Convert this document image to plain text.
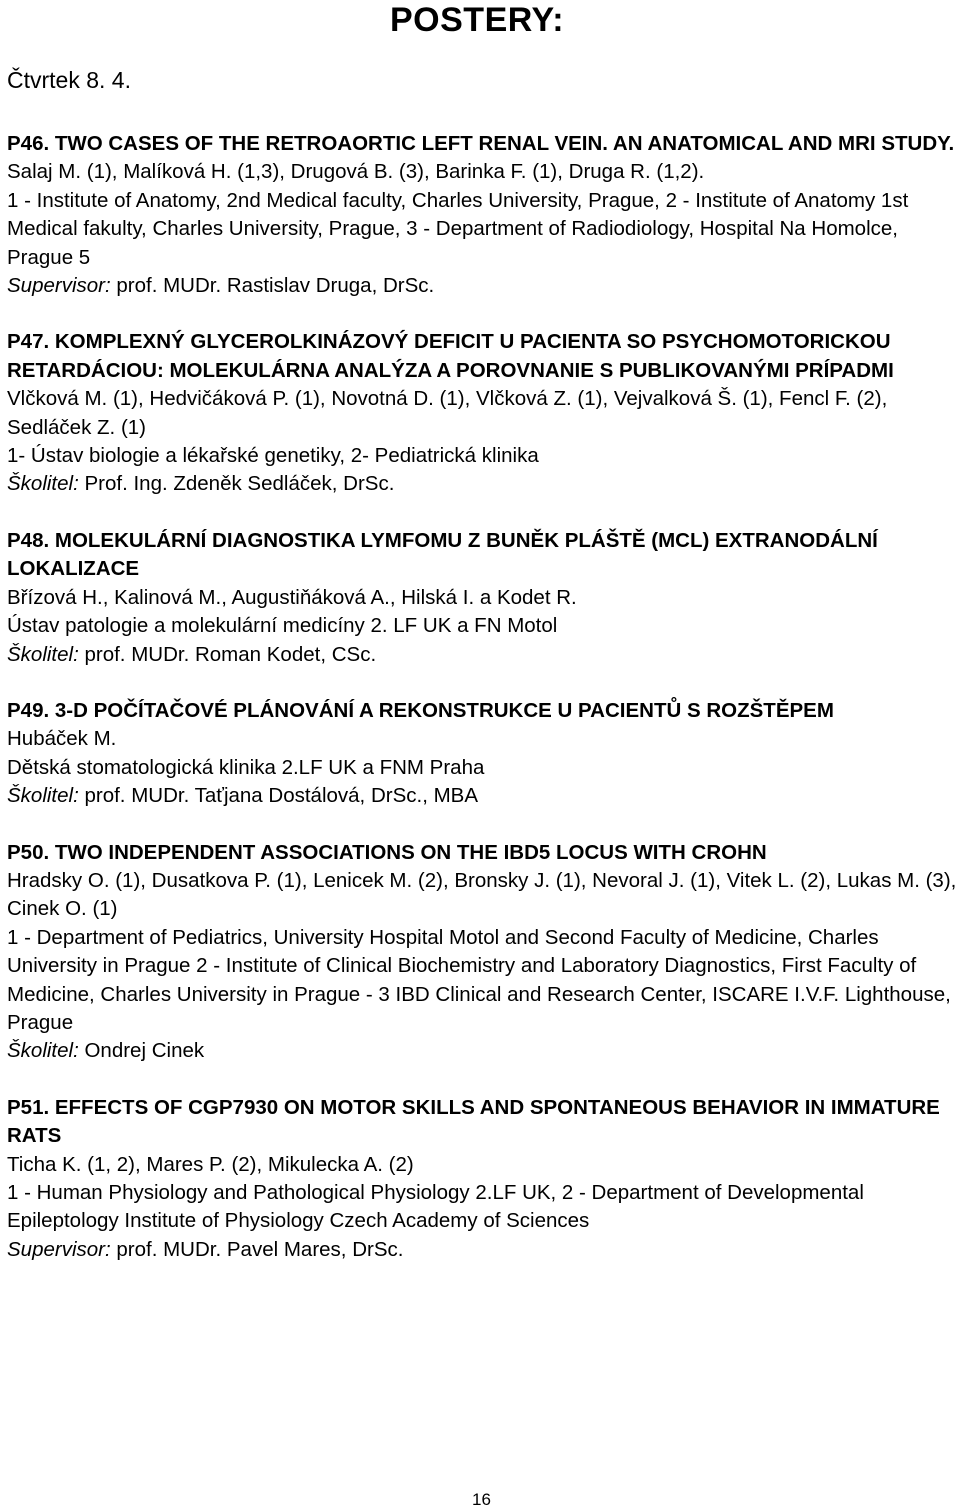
POSTERY:
Čtvrtek 8. 4.
P46. TWO CASES OF THE RETROAORTIC LEFT RENAL VEIN. AN ANATOMICAL AND MRI STUDY.
Salaj M. (1), Malíková H. (1,3), Drugová B. (3), Barinka F. (1), Druga R. (1,2).
1 - Institute of Anatomy, 2nd Medical faculty, Charles University, Prague, 2 - Institute of Anatomy 1st Medical fakulty, Charles University, Prague, 3 - Department of Radiodiology, Hospital Na Homolce, Prague 5
Supervisor: prof. MUDr. Rastislav Druga, DrSc.
P47. KOMPLEXNÝ GLYCEROLKINÁZOVÝ DEFICIT U PACIENTA SO PSYCHOMOTORICKOU RETARDÁCIOU: MOLEKULÁRNA ANALÝZA A POROVNANIE S PUBLIKOVANÝMI PRÍPADMI
Vlčková M. (1), Hedvičáková P. (1), Novotná D. (1), Vlčková Z. (1), Vejvalková Š. (1), Fencl F. (2), Sedláček Z. (1)
1- Ústav biologie a lékařské genetiky, 2- Pediatrická klinika
Školitel: Prof. Ing. Zdeněk Sedláček, DrSc.
P48. MOLEKULÁRNÍ DIAGNOSTIKA LYMFOMU Z BUNĚK PLÁŠTĚ (MCL) EXTRANODÁLNÍ LOKALIZACE
Břízová H., Kalinová M., Augustiňáková A., Hilská I. a Kodet R.
Ústav patologie a molekulární medicíny 2. LF UK a FN Motol
Školitel: prof. MUDr. Roman Kodet, CSc.
P49. 3-D POČÍTAČOVÉ PLÁNOVÁNÍ A REKONSTRUKCE U PACIENTŮ S ROZŠTĚPEM
Hubáček M.
Dětská stomatologická klinika 2.LF UK a FNM Praha
Školitel: prof. MUDr. Taťjana Dostálová, DrSc., MBA
P50. TWO INDEPENDENT ASSOCIATIONS ON THE IBD5 LOCUS WITH CROHN
Hradsky O. (1), Dusatkova P. (1), Lenicek M. (2), Bronsky J. (1), Nevoral J. (1), Vitek L. (2), Lukas M. (3), Cinek O. (1)
1 - Department of Pediatrics, University Hospital Motol and Second Faculty of Medicine, Charles University in Prague 2 - Institute of Clinical Biochemistry and Laboratory Diagnostics, First Faculty of Medicine, Charles University in Prague - 3 IBD Clinical and Research Center, ISCARE I.V.F. Lighthouse, Prague
Školitel: Ondrej Cinek
P51. EFFECTS OF CGP7930 ON MOTOR SKILLS AND SPONTANEOUS BEHAVIOR IN IMMATURE RATS
Ticha K. (1, 2), Mares P. (2), Mikulecka A. (2)
1 - Human Physiology and Pathological Physiology 2.LF UK, 2 - Department of Developmental Epileptology Institute of Physiology Czech Academy of Sciences
Supervisor: prof. MUDr. Pavel Mares, DrSc.
16
